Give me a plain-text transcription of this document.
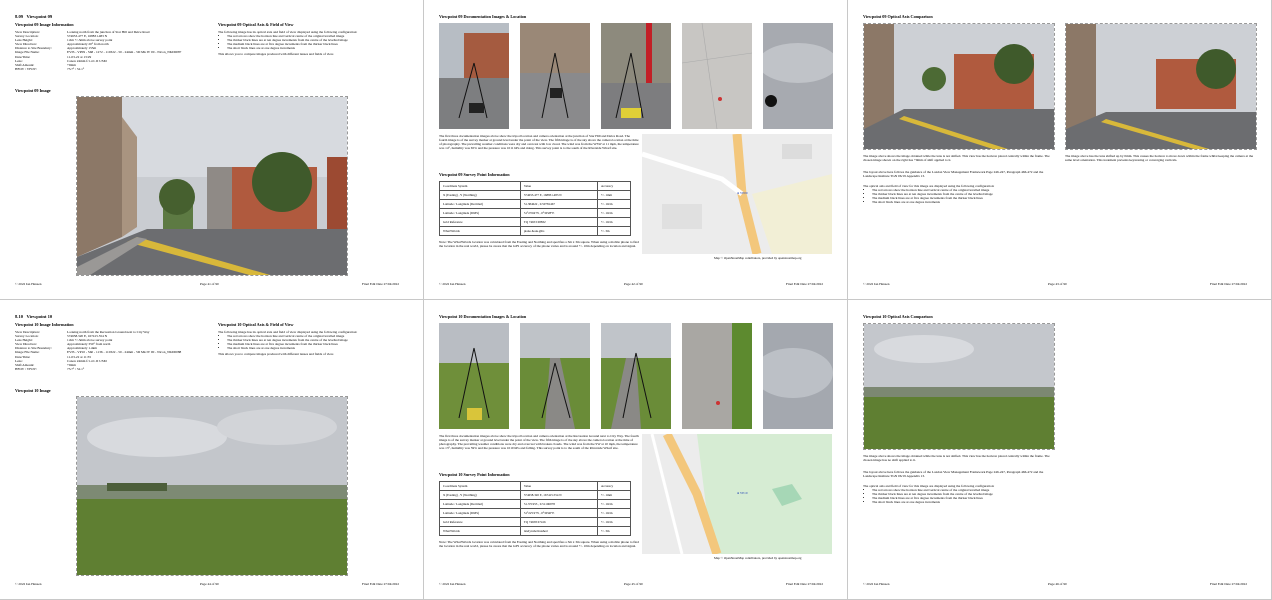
8.09 Viewpoint 09
Viewpoint 09 Image Information
View Description:	Looking north from the junction of Star Hill and Delce Road
Survey Location:	574653.477 E, 168831.483 N
Lens Height:	1.6m +/-3mm above survey point
View Direction:	Approximately 20° from north
Distance to Site Boundary:	Approximately 155m
Image File Name:	EVIS - VP09 - Sh8 - 1272 - 110322 - 50 - 24mm - 5D Mk IV 00 - Nicon_NKD0087
Date/Time:	11-03-22 at 13:29
Lens:	Canon 24mm f/1.4 L II USM
Shift Amount:	+0mm
HFOV / VFOV:	73.7° / 52.1°
Viewpoint 09 Optical Axis & Field of View
The following image has its optical axis and field of view displayed using the following configuration:
• The red arrows show the horizon line and vertical centre of the original levelled image
• The thicker black lines are at ten degree increments from the centre of the levelled image
• The medium black lines are at five degree increments from the thicker black lines
• The short black lines are at one degree increments
This allows you to compare images produced with different lenses and fields of view.
Viewpoint 09 Image
© 2022 Ian Hansen	Page 41 of 90	Final Edit Date 27/04/2022
Viewpoint 09 Documentation Images & Location
The first three documentation images above show the tripod location and camera orientation at the junction of Star Hill and Delce Road. The fourth image is of the survey marker at ground level under the point of the view. The fifth image is of the sky above the camera location at the time of photography. The prevailing weather conditions were dry and overcast with low cloud. The wind was from the WSW at 11 mph, the temperature was 14°, humidity was 65% and the pressure was 1011 hPa and rising. This survey point is to the south of the Riverside Wharf site.
Viewpoint 09 Survey Point Information
Coordinate System	Value	Accuracy
X (Easting) , Y (Northing)	574653.477 E, 168831.483 N	+/- 1mm
Latitude / Longitude (Decimal)	51.384622 , 0.50781467	+/- 10cm
Latitude / Longitude (DMS)	51°23'04"N , 0°30'28"E	+/- 10cm
Grid Reference	TQ 74653 68832	+/- 10cm
What3Words	piano.hook.gilts	+/- 3m
Note: The What3Words location was calculated from the Easting and Northing and specifies a 3m x 3m square. When using a mobile phone to find the location in the real world, please be aware that the GPS accuracy of the phone varies and is around +/- 10m depending on location and signal.
● VP09
Map © OpenStreetMap contributors, provided by openstreetmap.org
© 2022 Ian Hansen	Page 42 of 90	Final Edit Date 27/04/2022
Viewpoint 09 Optical Axis Comparison
The image above shows the image obtained while the lens is not shifted. This view has the horizon placed centrally within the frame. The chosen image shown on the right has +0mm of shift applied to it.
The image above has the lens shifted up by 0mm. This causes the horizon to move down within the frame whilst keeping the camera at the same level orientation. This treatment prevents keystoning or converging verticals.
The layout above here follows the guidance of the London View Management Framework Page 246-247, Paragraph 466-472 and the Landscape Institute TGN 06/19 Appendix 13.
The optical axis and field of view for this image are displayed using the following configuration:
• The red arrows show the horizon line and vertical centre of the original levelled image
• The thicker black lines are at ten degree increments from the centre of the levelled image
• The medium black lines are at five degree increments from the thicker black lines
• The short black lines are at one degree increments
© 2022 Ian Hansen	Page 43 of 90	Final Edit Date 27/04/2022
8.10 Viewpoint 10
Viewpoint 10 Image Information
View Description:	Looking north from the Recreation Ground next to City Way
Survey Location:	574658.320 E, 167415.554 N
Lens Height:	1.6m +/-3mm above survey point
View Direction:	Approximately 350° from north
Distance to Site Boundary:	Approximately 1.4km
Image File Name:	EVIS - VP10 - Sh0 - 1136 - 110322 - 50 - 24mm - 5D Mk IV 00 - Nicon_NKD0088
Date/Time:	11-03-22 at 11:35
Lens:	Canon 24mm f/1.4 L II USM
Shift Amount:	+0mm
HFOV / VFOV:	73.7° / 52.1°
Viewpoint 10 Optical Axis & Field of View
The following image has its optical axis and field of view displayed using the following configuration:
• The red arrows show the horizon line and vertical centre of the original levelled image
• The thicker black lines are at ten degree increments from the centre of the levelled image
• The medium black lines are at five degree increments from the thicker black lines
• The short black lines are at one degree increments
This allows you to compare images produced with different lenses and fields of view.
Viewpoint 10 Image
© 2022 Ian Hansen	Page 44 of 90	Final Edit Date 27/04/2022
Viewpoint 10 Documentation Images & Location
The first three documentation images above show the tripod location and camera orientation at the Recreation Ground next to City Way. The fourth image is of the survey marker at ground level under the point of the view. The fifth image is of the sky above the camera location at the time of photography. The prevailing weather conditions were dry and overcast with broken clouds. The wind was from the SW at 10 mph, the temperature was 13°, humidity was 59% and the pressure was 1010 hPa and falling. This survey point is to the south of the Riverside Wharf site.
Viewpoint 10 Survey Point Information
Coordinate System	Value	Accuracy
X (Easting) , Y (Northing)	574658.320 E, 167415.554 N	+/- 1mm
Latitude / Longitude (Decimal)	51.371953 , 0.51106978	+/- 10cm
Latitude / Longitude (DMS)	51°22'19"N , 0°30'40"E	+/- 10cm
Grid Reference	TQ 74658 67416	+/- 10cm
What3Words	lately.label.bushed	+/- 3m
Note: The What3Words location was calculated from the Easting and Northing and specifies a 3m x 3m square. When using a mobile phone to find the location in the real world, please be aware that the GPS accuracy of the phone varies and is around +/- 10m depending on location and signal.
● VP10
Map © OpenStreetMap contributors, provided by openstreetmap.org
© 2022 Ian Hansen	Page 45 of 90	Final Edit Date 27/04/2022
Viewpoint 10 Optical Axis Comparison
The image above shows the image obtained while the lens is not shifted. This view has the horizon placed centrally within the frame. The chosen image has no shift applied to it.
The layout above here follows the guidance of the London View Management Framework Page 246-247, Paragraph 466-472 and the Landscape Institute TGN 06/19 Appendix 13.
The optical axis and field of view for this image are displayed using the following configuration:
• The red arrows show the horizon line and vertical centre of the original levelled image
• The thicker black lines are at ten degree increments from the centre of the levelled image
• The medium black lines are at five degree increments from the thicker black lines
• The short black lines are at one degree increments
© 2022 Ian Hansen	Page 46 of 90	Final Edit Date 27/04/2022
